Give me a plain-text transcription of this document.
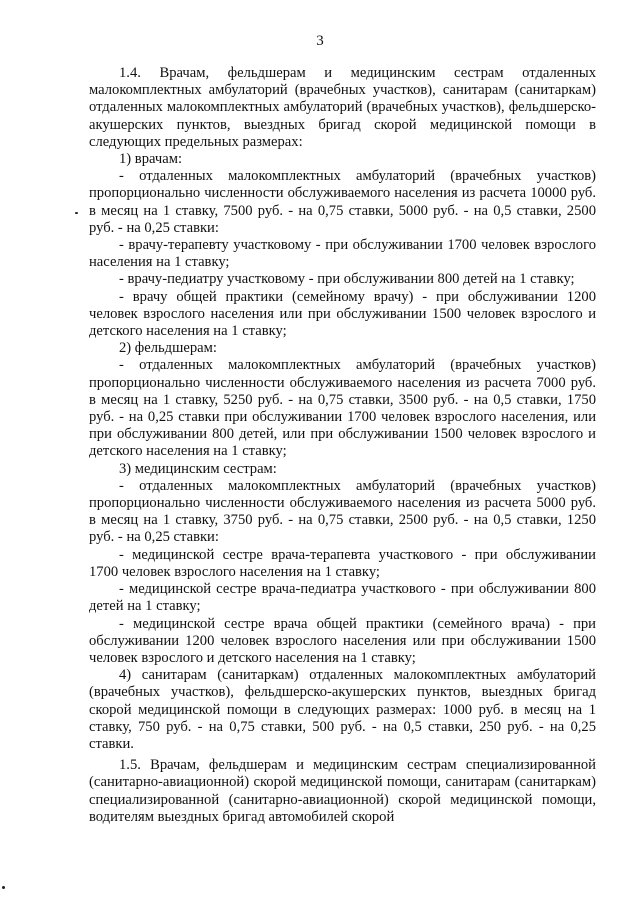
3

1.4. Врачам, фельдшерам и медицинским сестрам отдаленных малокомплектных амбулаторий (врачебных участков), санитарам (санитаркам) отдаленных малокомплектных амбулаторий (врачебных участков), фельдшерско-акушерских пунктов, выездных бригад скорой медицинской помощи в следующих предельных размерах:

1) врачам:

- отдаленных малокомплектных амбулаторий (врачебных участков) пропорционально численности обслуживаемого населения из расчета 10000 руб. в месяц на 1 ставку, 7500 руб. - на 0,75 ставки, 5000 руб. - на 0,5 ставки, 2500 руб. - на 0,25 ставки:

- врачу-терапевту участковому - при обслуживании 1700 человек взрослого населения на 1 ставку;

- врачу-педиатру участковому - при обслуживании 800 детей на 1 ставку;

- врачу общей практики (семейному врачу) - при обслуживании 1200 человек взрослого населения или при обслуживании 1500 человек взрослого и детского населения на 1 ставку;

2) фельдшерам:

- отдаленных малокомплектных амбулаторий (врачебных участков) пропорционально численности обслуживаемого населения из расчета 7000 руб. в месяц на 1 ставку, 5250 руб. - на 0,75 ставки, 3500 руб. - на 0,5 ставки, 1750 руб. - на 0,25 ставки при обслуживании 1700 человек взрослого населения, или при обслуживании 800 детей, или при обслуживании 1500 человек взрослого и детского населения на 1 ставку;

3) медицинским сестрам:

- отдаленных малокомплектных амбулаторий (врачебных участков) пропорционально численности обслуживаемого населения из расчета 5000 руб. в месяц на 1 ставку, 3750 руб. - на 0,75 ставки, 2500 руб. - на 0,5 ставки, 1250 руб. - на 0,25 ставки:

- медицинской сестре врача-терапевта участкового - при обслуживании 1700 человек взрослого населения на 1 ставку;

- медицинской сестре врача-педиатра участкового - при обслуживании 800 детей на 1 ставку;

- медицинской сестре врача общей практики (семейного врача) - при обслуживании 1200 человек взрослого населения или при обслуживании 1500 человек взрослого и детского населения на 1 ставку;

4) санитарам (санитаркам) отдаленных малокомплектных амбулаторий (врачебных участков), фельдшерско-акушерских пунктов, выездных бригад скорой медицинской помощи в следующих размерах: 1000 руб. в месяц на 1 ставку, 750 руб. - на 0,75 ставки, 500 руб. - на 0,5 ставки, 250 руб. - на 0,25 ставки.

1.5. Врачам, фельдшерам и медицинским сестрам специализированной (санитарно-авиационной) скорой медицинской помощи, санитарам (санитаркам) специализированной (санитарно-авиационной) скорой медицинской помощи, водителям выездных бригад автомобилей скорой
